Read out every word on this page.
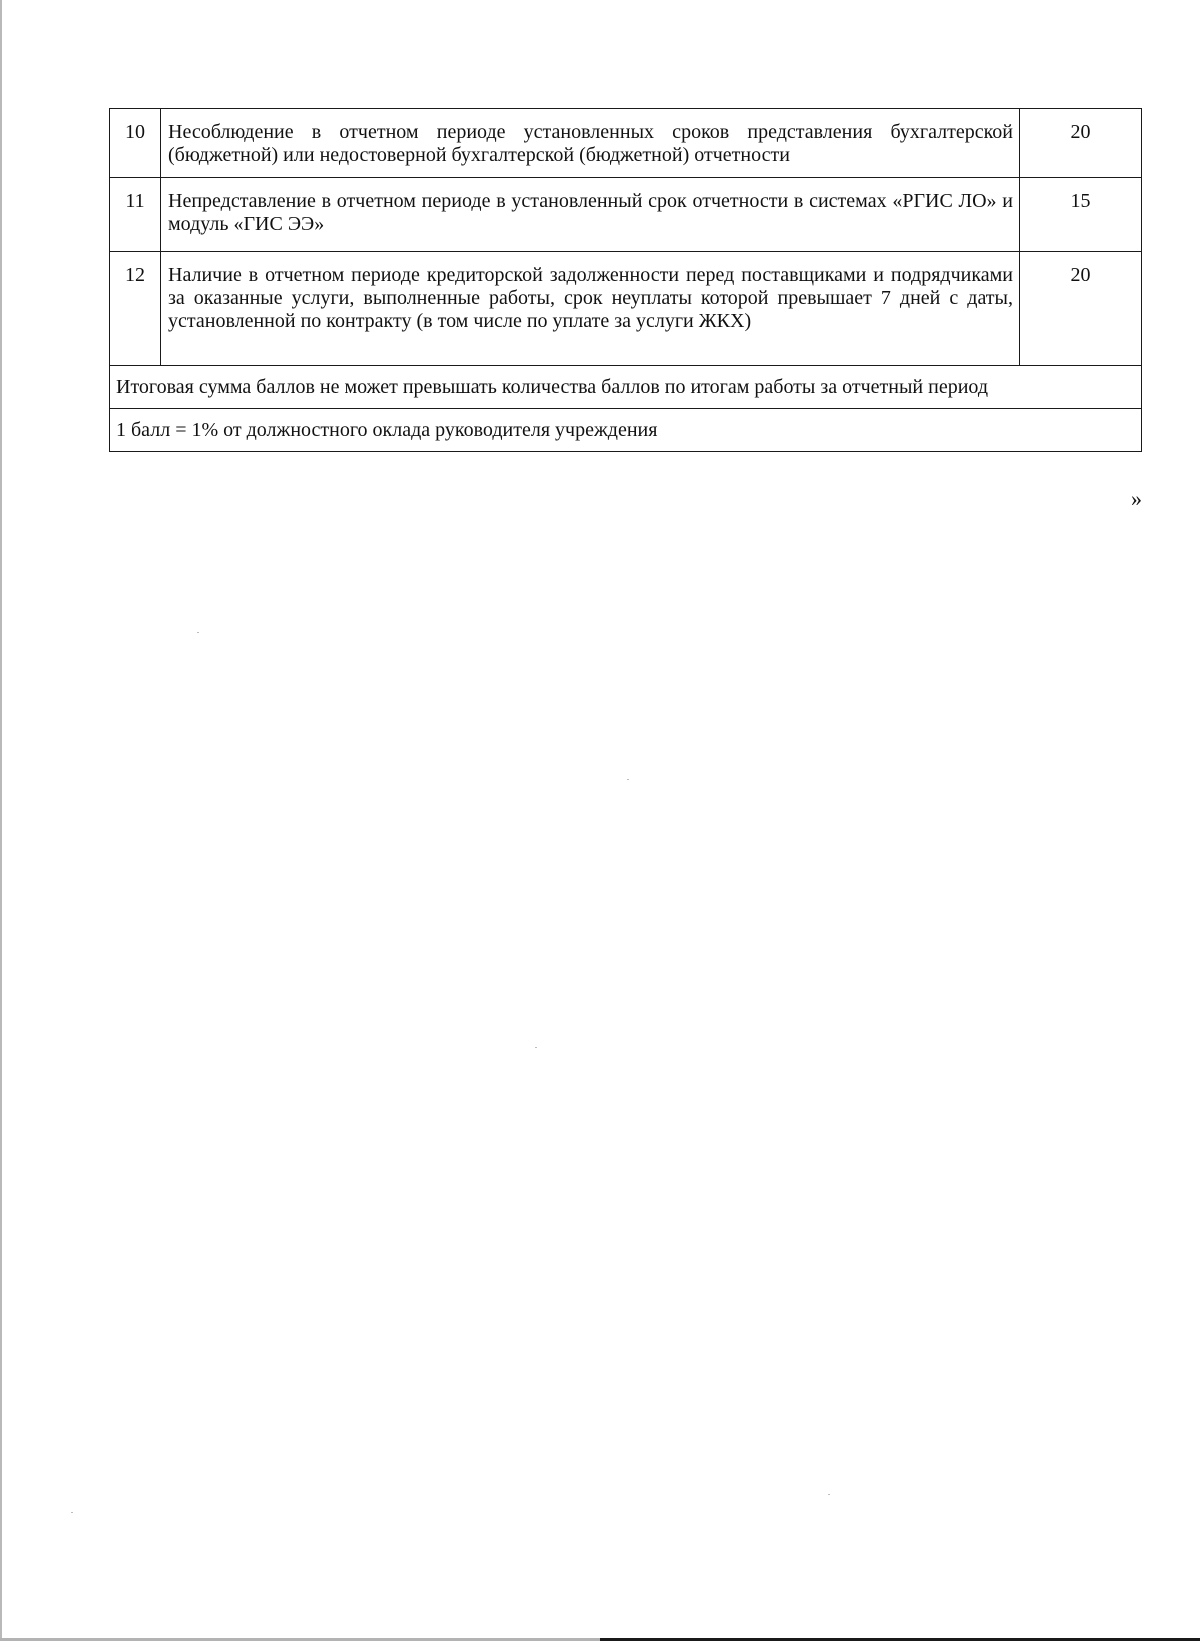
10	Несоблюдение в отчетном периоде установленных сроков представления бухгалтерской (бюджетной) или недостоверной бухгалтерской (бюджетной) отчетности	20
11	Непредставление в отчетном периоде в установленный срок отчетности в системах «РГИС ЛО» и модуль «ГИС ЭЭ»	15
12	Наличие в отчетном периоде кредиторской задолженности перед поставщиками и подрядчиками за оказанные услуги, выполненные работы, срок неуплаты которой превышает 7 дней с даты, установленной по контракту (в том числе по уплате за услуги ЖКХ)	20
Итоговая сумма баллов не может превышать количества баллов по итогам работы за отчетный период		
1 балл = 1% от должностного оклада руководителя учреждения		
»
